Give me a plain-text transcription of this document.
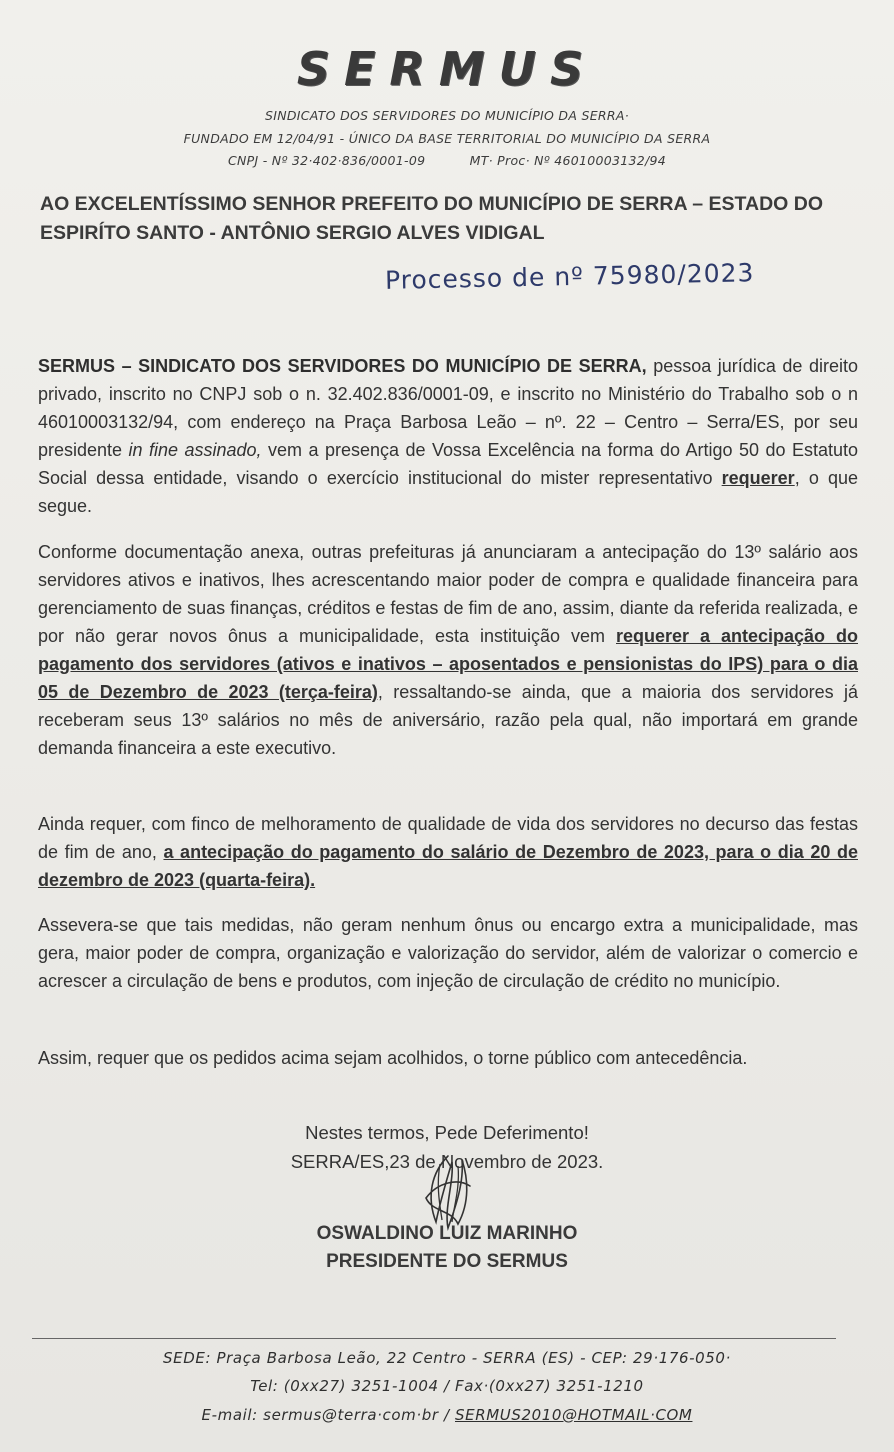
SERMUS
SINDICATO DOS SERVIDORES DO MUNICÍPIO DA SERRA·
FUNDADO EM 12/04/91 - ÚNICO DA BASE TERRITORIAL DO MUNICÍPIO DA SERRA
CNPJ - Nº 32·402·836/0001-09	MT· Proc· Nº 46010003132/94
AO EXCELENTÍSSIMO SENHOR PREFEITO DO MUNICÍPIO DE SERRA – ESTADO DO ESPIRÍTO SANTO - ANTÔNIO SERGIO ALVES VIDIGAL
Processo de nº 75980/2023
SERMUS – SINDICATO DOS SERVIDORES DO MUNICÍPIO DE SERRA, pessoa jurídica de direito privado, inscrito no CNPJ sob o n. 32.402.836/0001-09, e inscrito no Ministério do Trabalho sob o n 46010003132/94, com endereço na Praça Barbosa Leão – nº. 22 – Centro – Serra/ES, por seu presidente in fine assinado, vem a presença de Vossa Excelência na forma do Artigo 50 do Estatuto Social dessa entidade, visando o exercício institucional do mister representativo requerer, o que segue.
Conforme documentação anexa, outras prefeituras já anunciaram a antecipação do 13º salário aos servidores ativos e inativos, lhes acrescentando maior poder de compra e qualidade financeira para gerenciamento de suas finanças, créditos e festas de fim de ano, assim, diante da referida realizada, e por não gerar novos ônus a municipalidade, esta instituição vem requerer a antecipação do pagamento dos servidores (ativos e inativos – aposentados e pensionistas do IPS) para o dia 05 de Dezembro de 2023 (terça-feira), ressaltando-se ainda, que a maioria dos servidores já receberam seus 13º salários no mês de aniversário, razão pela qual, não importará em grande demanda financeira a este executivo.
Ainda requer, com finco de melhoramento de qualidade de vida dos servidores no decurso das festas de fim de ano, a antecipação do pagamento do salário de Dezembro de 2023, para o dia 20 de dezembro de 2023 (quarta-feira).
Assevera-se que tais medidas, não geram nenhum ônus ou encargo extra a municipalidade, mas gera, maior poder de compra, organização e valorização do servidor, além de valorizar o comercio e acrescer a circulação de bens e produtos, com injeção de circulação de crédito no município.
Assim, requer que os pedidos acima sejam acolhidos, o torne público com antecedência.
Nestes termos, Pede Deferimento!
SERRA/ES,23 de Novembro de 2023.
OSWALDINO LUIZ MARINHO
PRESIDENTE DO SERMUS
SEDE: Praça Barbosa Leão, 22 Centro - SERRA (ES) - CEP: 29·176-050·
Tel: (0xx27) 3251-1004 / Fax·(0xx27) 3251-1210
E-mail: sermus@terra·com·br / SERMUS2010@HOTMAIL·COM
